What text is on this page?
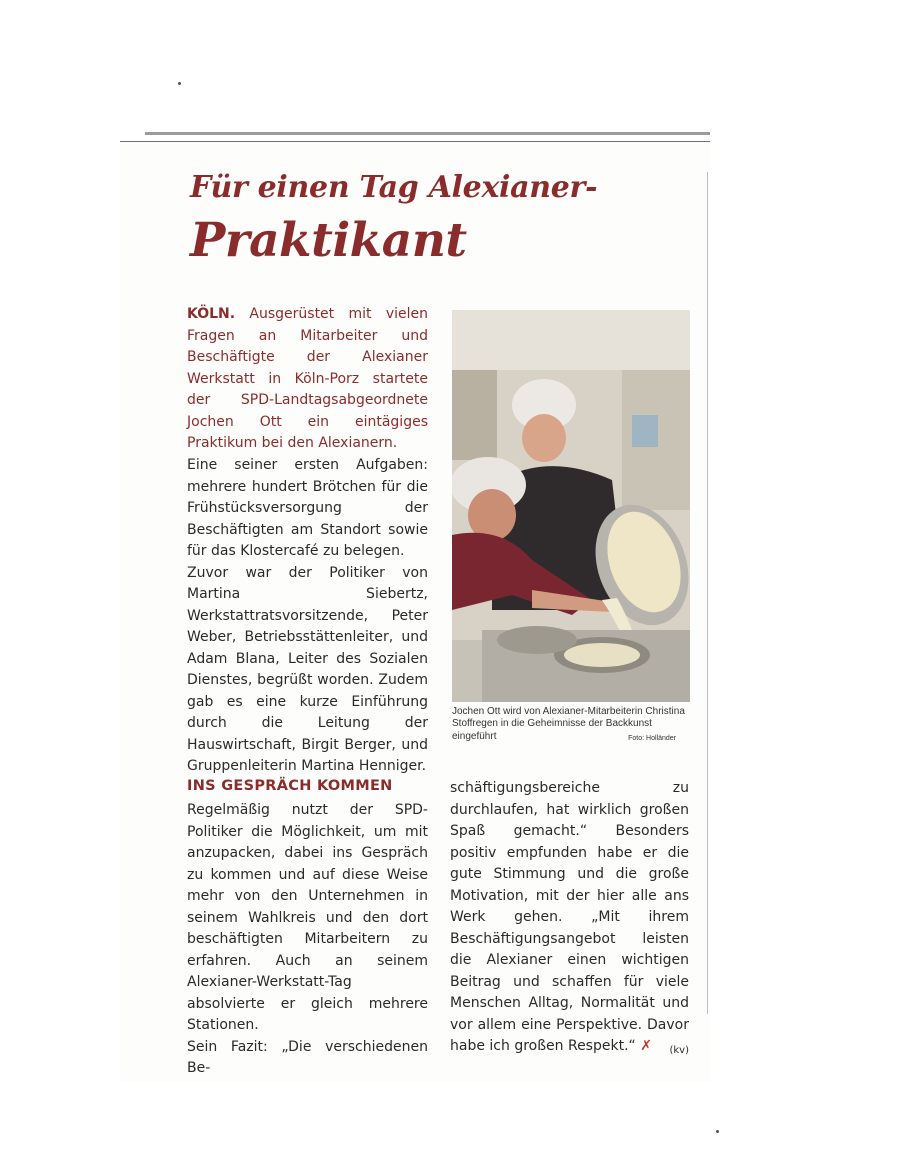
Für einen Tag Alexianer-
Praktikant

KÖLN. Ausgerüstet mit vielen Fragen an Mitarbeiter und Beschäftigte der Alexianer Werkstatt in Köln-Porz startete der SPD-Landtagsabgeordnete Jochen Ott ein eintägiges Praktikum bei den Alexianern.

Eine seiner ersten Aufgaben: mehrere hundert Brötchen für die Frühstücksversorgung der Beschäftigten am Standort sowie für das Klostercafé zu belegen.

Zuvor war der Politiker von Martina Siebertz, Werkstattratsvorsitzende, Peter Weber, Betriebsstättenleiter, und Adam Blana, Leiter des Sozialen Dienstes, begrüßt worden. Zudem gab es eine kurze Einführung durch die Leitung der Hauswirtschaft, Birgit Berger, und Gruppenleiterin Martina Henniger.

Jochen Ott wird von Alexianer-Mitarbeiterin Christina Stoffregen in die Geheimnisse der Backkunst eingeführt	Foto: Holländer
INS GESPRÄCH KOMMEN

Regelmäßig nutzt der SPD-Politiker die Möglichkeit, um mit anzupacken, dabei ins Gespräch zu kommen und auf diese Weise mehr von den Unternehmen in seinem Wahlkreis und den dort beschäftigten Mitarbeitern zu erfahren. Auch an seinem Alexianer-Werkstatt-Tag absolvierte er gleich mehrere Stationen.

Sein Fazit: „Die verschiedenen Be-

schäftigungsbereiche zu durchlaufen, hat wirklich großen Spaß gemacht.“ Besonders positiv empfunden habe er die gute Stimmung und die große Motivation, mit der hier alle ans Werk gehen. „Mit ihrem Beschäftigungsangebot leisten die Alexianer einen wichtigen Beitrag und schaffen für viele Menschen Alltag, Normalität und vor allem eine Perspektive. Davor habe ich großen Respekt.“ ✗ (kv)
